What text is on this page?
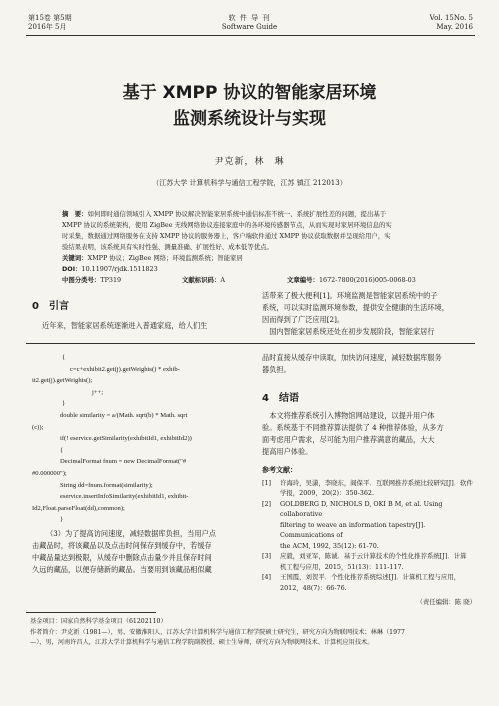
第15卷 第5期
2016年 5月
软 件 导 刊
Software Guide
Vol. 15No. 5
May. 2016
基于 XMPP 协议的智能家居环境
监测系统设计与实现
尹克新，林　琳
（江苏大学 计算机科学与通信工程学院，江苏 镇江 212013）
摘　要：如何即时通信领域引入 XMPP 协议解决智能家居系统中通信标准不统一、系统扩展性差的问题，提出基于
XMPP 协议的系统架构，使用 ZigBee 无线网络协议连接家庭中的各环境传感器节点，从而实现对家居环境信息的实
时采集，数据通过网络服务在支持 XMPP 协议的服务器上，客户端软件通过 XMPP 协议获取数据并呈现给用户，实
验结果表明，该系统具有实时性强、测量准确、扩展性好、成本低等优点。
关键词：XMPP 协议；ZigBee 网络；环境监测系统；智能家居
DOI：10.11907/rjdk.1511823
中图分类号：TP319	文献标识码：A	文章编号：1672-7800(2016)005-0068-03
0　引言
近年来，智能家居系统逐渐进入普通家庭，给人们生
活带来了极大便利[1]。环境监测是智能家居系统中的子
系统，可以实时监测环境参数，提供安全健康的生活环境，
因而得到了广泛应用[2]。
　国内智能家居系统还处在初步发展阶段，智能家居行
{
c=c+exhibit2.get(j).getWeights() * exhib-
it2.get(j).getWeights();
j++;
}
double similarity = a/(Math. sqrt(b) * Math. sqrt
(c));
if(! eservice.getSimilarity(exhibitId1, exhibitId2))
{
DecimalFormat fnum = new DecimalFormat("#
#0.000000");
String dd=fnum.format(similarity);
eservice.insertInfoSimilarity(exhibitId1, exhibit-
Id2,Float.parseFloat(dd),common);
}
（3）为了提高访问速度，减轻数据库负担，当用户点
击藏品时，将该藏品以及点击时间保存到缓存中，若缓存
中藏品量达到极限，从缓存中删除点击量少并且保存时间
久远的藏品，以便存储新的藏品。当要用到该藏品相似藏
品时直接从缓存中读取，加快访问速度，减轻数据库服务
器负担。
4　结语
　本文将推荐系统引入博物馆网站建设，以提升用户体
验。系统基于不同推荐算法提供了 4 种推荐体验，从多方
面考虑用户需求，尽可能为用户推荐满意的藏品，大大
提高用户体验。
参考文献：
[1]	许海玲，吴潇，李晓东，阎保平．互联网推荐系统比较研究[J]．软件
学报，2009，20(2)：350-362.
[2]	GOLDBERG D, NICHOLS D, OKI B M, et al. Using collaborative
filtering to weave an information tapestry[J]. Communications of
the ACM, 1992, 35(12): 61-70.
[3]	应毅，刘亚军，陈诚．基于云计算技术的个性化推荐系统[J]．计算
机工程与应用，2015，51(13)：111-117.
[4]	王国霞，刘贺平．个性化推荐系统综述[J]．计算机工程与应用，
2012，48(7)：66-76.
（责任编辑：陈 晓）
基金项目：国家自然科学基金项目（61202110）
作者简介：尹克新（1981—），男，安徽淮阳人，江苏大学计算机科学与通信工程学院硕士研究生，研究方向为物联网技术；林琳（1977
—），男，河南许昌人，江苏大学计算机科学与通信工程学院副教授、硕士生导师，研究方向为物联网技术、计算机应用技术。
